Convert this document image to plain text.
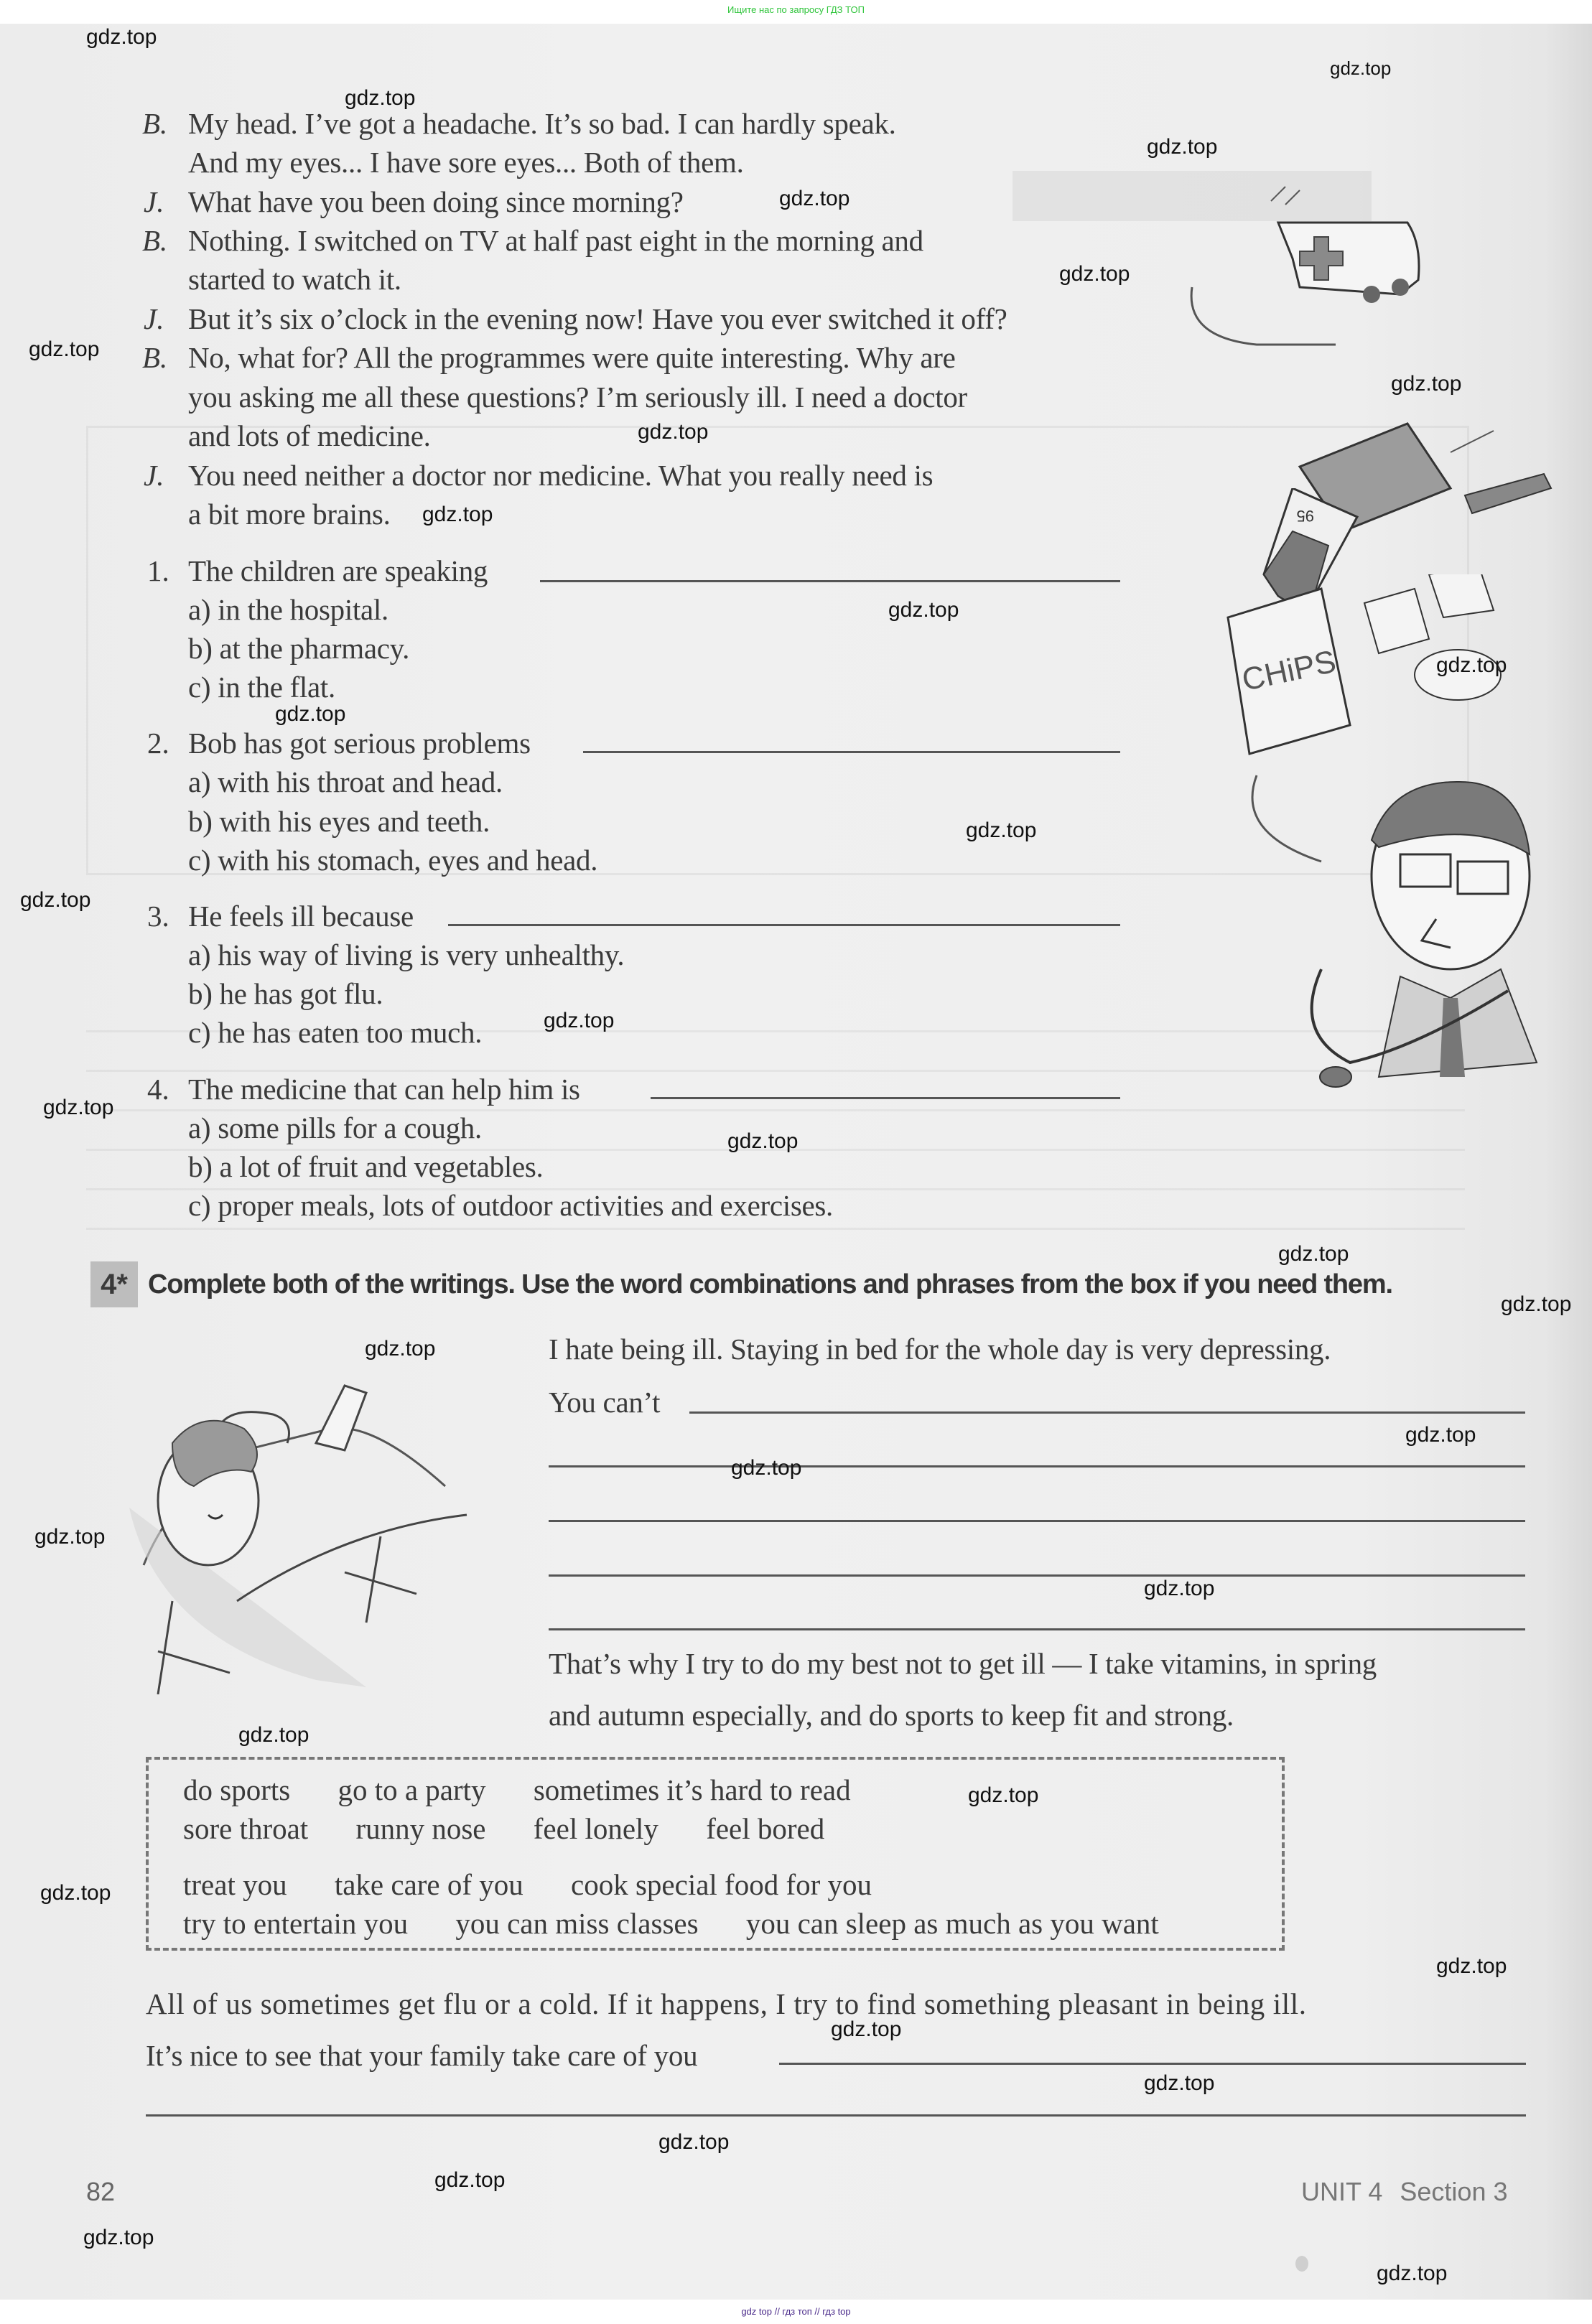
Ищите нас по запросу ГДЗ ТОП
B. My head. I’ve got a headache. It’s so bad. I can hardly speak.
And my eyes... I have sore eyes... Both of them.
J. What have you been doing since morning?
B. Nothing. I switched on TV at half past eight in the morning and
started to watch it.
J. But it’s six o’clock in the evening now! Have you ever switched it off?
B. No, what for? All the programmes were quite interesting. Why are
you asking me all these questions? I’m seriously ill. I need a doctor
and lots of medicine.
J. You need neither a doctor nor medicine. What you really need is
a bit more brains.
1. The children are speaking
a) in the hospital.
b) at the pharmacy.
c) in the flat.
2. Bob has got serious problems
a) with his throat and head.
b) with his eyes and teeth.
c) with his stomach, eyes and head.
3. He feels ill because
a) his way of living is very unhealthy.
b) he has got flu.
c) he has eaten too much.
4. The medicine that can help him is
a) some pills for a cough.
b) a lot of fruit and vegetables.
c) proper meals, lots of outdoor activities and exercises.
4* Complete both of the writings. Use the word combinations and phrases from the box if you need them.
I hate being ill. Staying in bed for the whole day is very depressing.
You can’t
That’s why I try to do my best not to get ill — I take vitamins, in spring
and autumn especially, and do sports to keep fit and strong.
do sports go to a party sometimes it’s hard to read
sore throat runny nose feel lonely feel bored
treat you take care of you cook special food for you
try to entertain you you can miss classes you can sleep as much as you want
All of us sometimes get flu or a cold. If it happens, I try to find something pleasant in being ill.
It’s nice to see that your family take care of you
95
CHiPS
gdz.top
gdz.top
gdz.top
gdz.top
gdz.top
gdz.top
gdz.top
gdz.top
gdz.top
gdz.top
gdz.top
gdz.top
gdz.top
gdz.top
gdz.top
gdz.top
gdz.top
gdz.top
gdz.top
gdz.top
gdz.top
gdz.top
gdz.top
gdz.top
gdz.top
gdz.top
gdz.top
gdz.top
gdz.top
gdz.top
gdz.top
gdz.top
gdz.top
gdz.top
gdz.top
82	UNIT 4 Section 3
gdz top // гдз топ // гдз top
